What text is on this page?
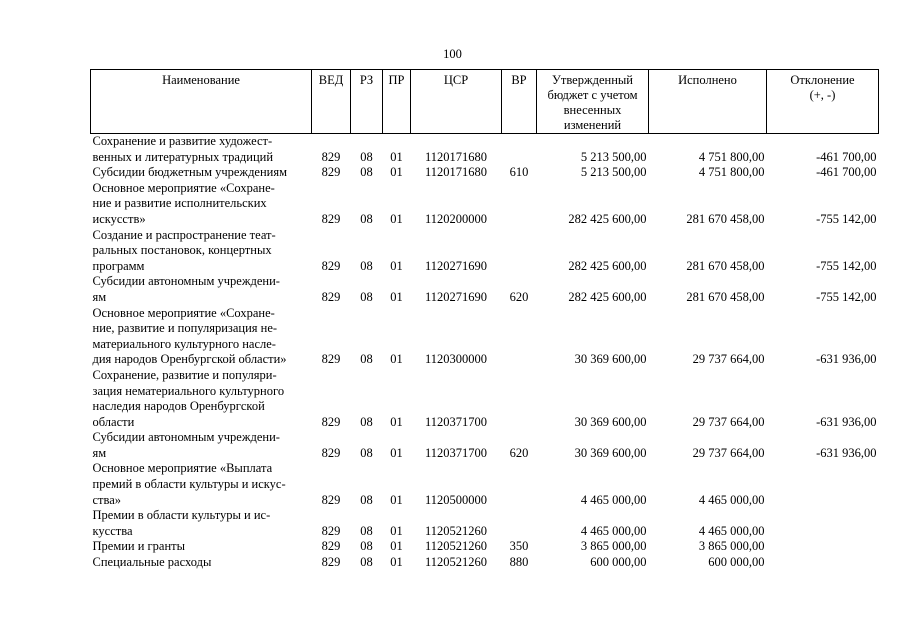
100
Наименование	ВЕД	РЗ	ПР	ЦСР	ВР	Утвержденный
бюджет с учетом
внесенных
изменений	Исполнено	Отклонение
(+, -)

Сохранение и развитие художест-
венных и литературных традиций	829	08	01	1120171680		5 213 500,00	4 751 800,00	-461 700,00

Субсидии бюджетным учреждениям	829	08	01	1120171680	610	5 213 500,00	4 751 800,00	-461 700,00

Основное мероприятие «Сохране-
ние и развитие исполнительских
искусств»	829	08	01	1120200000		282 425 600,00	281 670 458,00	-755 142,00

Создание и распространение теат-
ральных постановок, концертных
программ	829	08	01	1120271690		282 425 600,00	281 670 458,00	-755 142,00

Субсидии автономным учреждени-
ям	829	08	01	1120271690	620	282 425 600,00	281 670 458,00	-755 142,00

Основное мероприятие «Сохране-
ние, развитие и популяризация не-
материального культурного насле-
дия народов Оренбургской области»	829	08	01	1120300000		30 369 600,00	29 737 664,00	-631 936,00

Сохранение, развитие и популяри-
зация нематериального культурного
наследия народов Оренбургской
области	829	08	01	1120371700		30 369 600,00	29 737 664,00	-631 936,00

Субсидии автономным учреждени-
ям	829	08	01	1120371700	620	30 369 600,00	29 737 664,00	-631 936,00

Основное мероприятие «Выплата
премий в области культуры и искус-
ства»	829	08	01	1120500000		4 465 000,00	4 465 000,00	

Премии в области культуры и ис-
кусства	829	08	01	1120521260		4 465 000,00	4 465 000,00	

Премии и гранты	829	08	01	1120521260	350	3 865 000,00	3 865 000,00	

Специальные расходы	829	08	01	1120521260	880	600 000,00	600 000,00	
